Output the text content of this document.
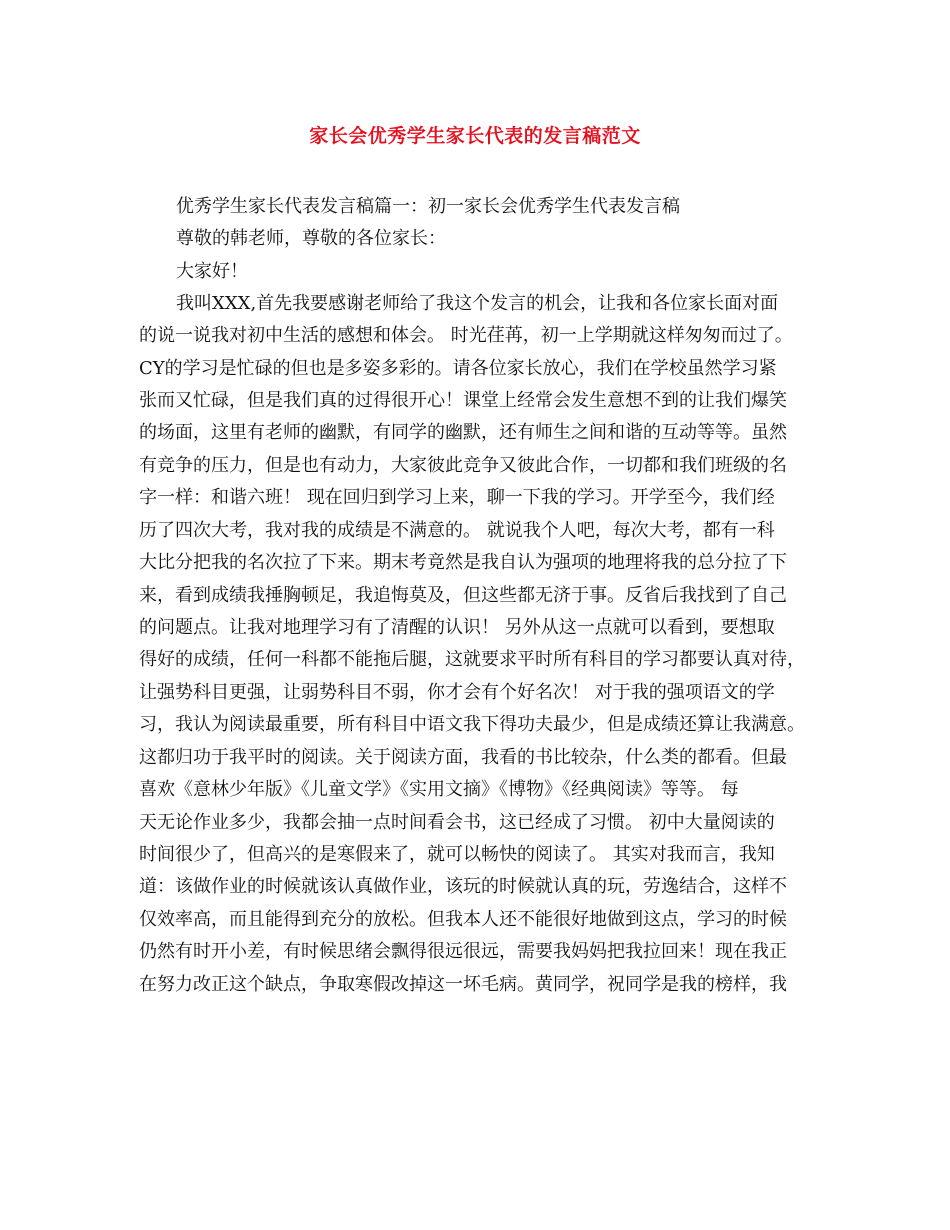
家长会优秀学生家长代表的发言稿范文
优秀学生家长代表发言稿篇一：初一家长会优秀学生代表发言稿
尊敬的韩老师，尊敬的各位家长：
大家好！
我叫XXX,首先我要感谢老师给了我这个发言的机会，让我和各位家长面对面
的说一说我对初中生活的感想和体会。 时光荏苒，初一上学期就这样匆匆而过了。
CY的学习是忙碌的但也是多姿多彩的。请各位家长放心，我们在学校虽然学习紧
张而又忙碌，但是我们真的过得很开心！课堂上经常会发生意想不到的让我们爆笑
的场面，这里有老师的幽默，有同学的幽默，还有师生之间和谐的互动等等。虽然
有竞争的压力，但是也有动力，大家彼此竞争又彼此合作，一切都和我们班级的名
字一样：和谐六班！ 现在回归到学习上来，聊一下我的学习。开学至今，我们经
历了四次大考，我对我的成绩是不满意的。 就说我个人吧，每次大考，都有一科
大比分把我的名次拉了下来。期末考竟然是我自认为强项的地理将我的总分拉了下
来，看到成绩我捶胸顿足，我追悔莫及，但这些都无济于事。反省后我找到了自己
的问题点。让我对地理学习有了清醒的认识！ 另外从这一点就可以看到，要想取
得好的成绩，任何一科都不能拖后腿，这就要求平时所有科目的学习都要认真对待，
让强势科目更强，让弱势科目不弱，你才会有个好名次！ 对于我的强项语文的学
习，我认为阅读最重要，所有科目中语文我下得功夫最少，但是成绩还算让我满意。
这都归功于我平时的阅读。关于阅读方面，我看的书比较杂，什么类的都看。但最
喜欢《意林少年版》《儿童文学》《实用文摘》《博物》《经典阅读》等等。 每
天无论作业多少，我都会抽一点时间看会书，这已经成了习惯。 初中大量阅读的
时间很少了，但高兴的是寒假来了，就可以畅快的阅读了。 其实对我而言，我知
道：该做作业的时候就该认真做作业，该玩的时候就认真的玩，劳逸结合，这样不
仅效率高，而且能得到充分的放松。但我本人还不能很好地做到这点，学习的时候
仍然有时开小差，有时候思绪会飘得很远很远，需要我妈妈把我拉回来！现在我正
在努力改正这个缺点，争取寒假改掉这一坏毛病。黄同学，祝同学是我的榜样，我
